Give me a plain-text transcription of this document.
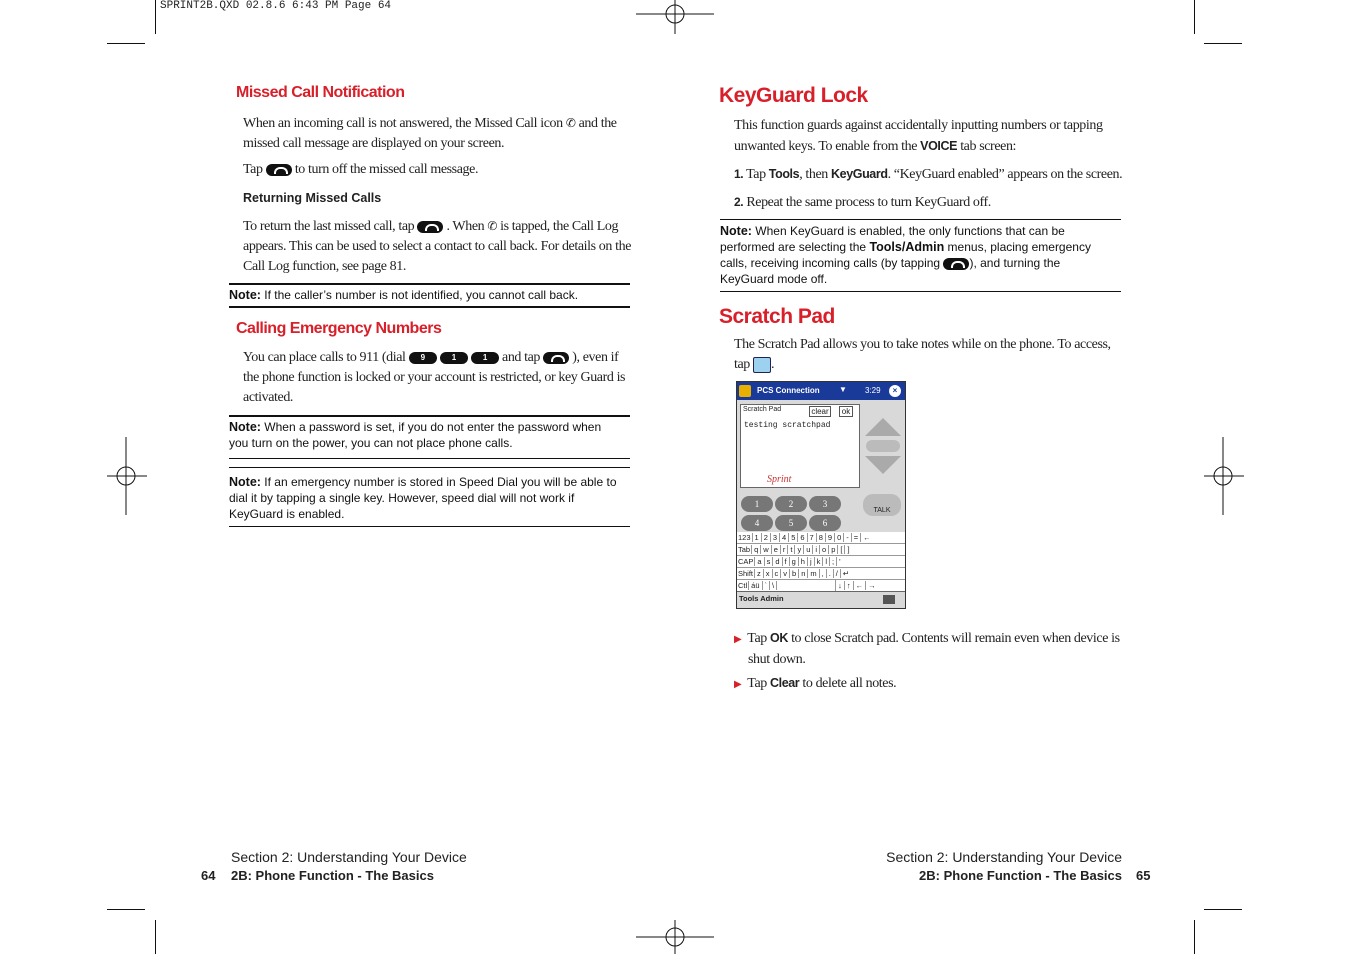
SPRINT2B.QXD 02.8.6 6:43 PM Page 64
Missed Call Notification
When an incoming call is not answered, the Missed Call icon ✆ and the
missed call message are displayed on your screen.
Tap to turn off the missed call message.
Returning Missed Calls
To return the last missed call, tap . When ✆ is tapped, the Call Log
appears. This can be used to select a contact to call back. For details on the
Call Log function, see page 81.
Note: If the caller’s number is not identified, you cannot call back.
Calling Emergency Numbers
You can place calls to 911 (dial 9	1	1 and tap ), even if
the phone function is locked or your account is restricted, or key Guard is
activated.
Note: When a password is set, if you do not enter the password when
you turn on the power, you can not place phone calls.
Note: If an emergency number is stored in Speed Dial you will be able to
dial it by tapping a single key. However, speed dial will not work if
KeyGuard is enabled.
Section 2: Understanding Your Device
64 2B: Phone Function - The Basics
KeyGuard Lock
This function guards against accidentally inputting numbers or tapping
unwanted keys. To enable from the VOICE tab screen:
1. Tap Tools, then KeyGuard. “KeyGuard enabled” appears on the screen.
2. Repeat the same process to turn KeyGuard off.
Note: When KeyGuard is enabled, the only functions that can be
performed are selecting the Tools/Admin menus, placing emergency
calls, receiving incoming calls (by tapping ), and turning the
KeyGuard mode off.
Scratch Pad
The Scratch Pad allows you to take notes while on the phone. To access,
tap .
PCS Connection ▼ 3:29	×
Scratch Pad	clear	ok
testing scratchpad
Sprint
1	2	3
4	5	6
TALK
123 1 2 3 4 5 6 7 8 9 0 - = ←
Tab q w e r t y u i o p [ ]
CAP a s d f g h j k l ; '
Shift z x c v b n m , . / ↵
Ctl áü ` \	↓ ↑ ← →
Tools Admin
▶ Tap OK to close Scratch pad. Contents will remain even when device is
shut down.
▶ Tap Clear to delete all notes.
Section 2: Understanding Your Device
2B: Phone Function - The Basics 65
